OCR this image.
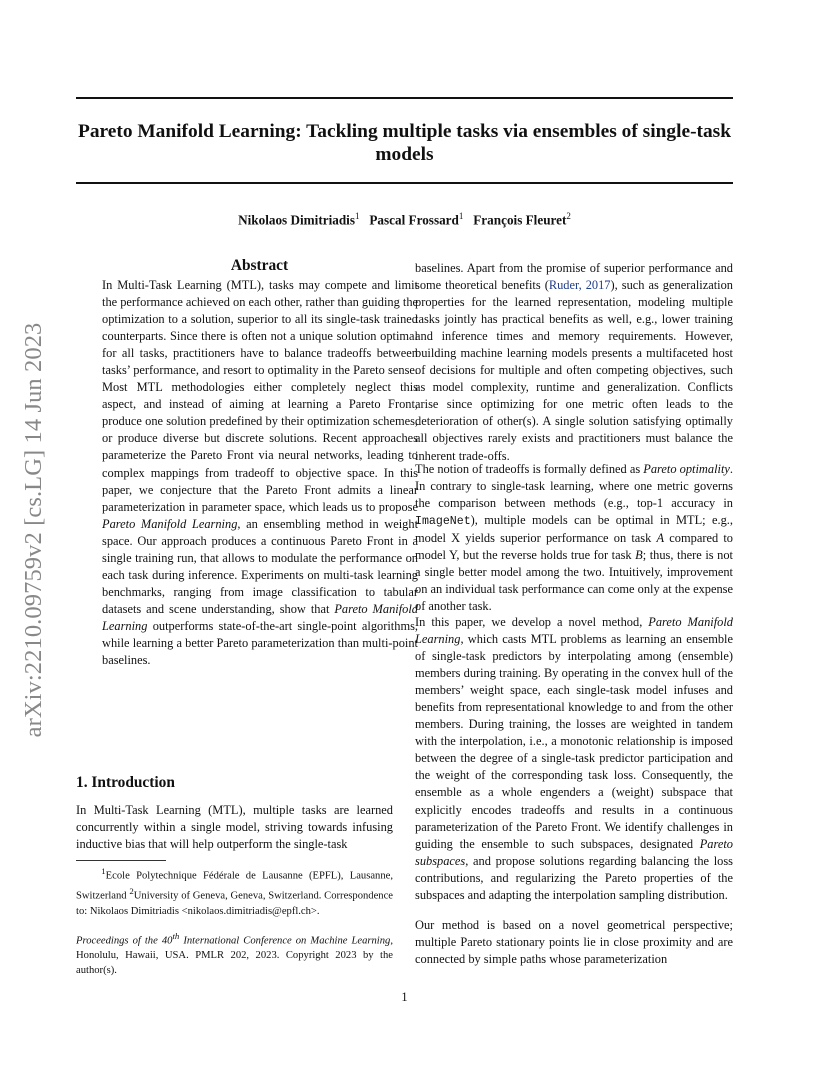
Pareto Manifold Learning: Tackling multiple tasks via ensembles of single-task models
Nikolaos Dimitriadis$^1$ Pascal Frossard$^1$ François Fleuret$^2$
arXiv:2210.09759v2 [cs.LG] 14 Jun 2023
Abstract
In Multi-Task Learning (MTL), tasks may compete and limit the performance achieved on each other, rather than guiding the optimization to a solution, superior to all its single-task trained counterparts. Since there is often not a unique solution optimal for all tasks, practitioners have to balance tradeoffs between tasks’ performance, and resort to optimality in the Pareto sense. Most MTL methodologies either completely neglect this aspect, and instead of aiming at learning a Pareto Front, produce one solution predefined by their optimization schemes, or produce diverse but discrete solutions. Recent approaches parameterize the Pareto Front via neural networks, leading to complex mappings from tradeoff to objective space. In this paper, we conjecture that the Pareto Front admits a linear parameterization in parameter space, which leads us to propose Pareto Manifold Learning, an ensembling method in weight space. Our approach produces a continuous Pareto Front in a single training run, that allows to modulate the performance on each task during inference. Experiments on multi-task learning benchmarks, ranging from image classification to tabular datasets and scene understanding, show that Pareto Manifold Learning outperforms state-of-the-art single-point algorithms, while learning a better Pareto parameterization than multi-point baselines.
1. Introduction
In Multi-Task Learning (MTL), multiple tasks are learned concurrently within a single model, striving towards infusing inductive bias that will help outperform the single-task
$^1$Ecole Polytechnique Fédérale de Lausanne (EPFL), Lausanne, Switzerland $^2$University of Geneva, Geneva, Switzerland. Correspondence to: Nikolaos Dimitriadis <nikolaos.dimitriadis@epfl.ch>.
Proceedings of the 40th International Conference on Machine Learning, Honolulu, Hawaii, USA. PMLR 202, 2023. Copyright 2023 by the author(s).
baselines. Apart from the promise of superior performance and some theoretical benefits (Ruder, 2017), such as generalization properties for the learned representation, modeling multiple tasks jointly has practical benefits as well, e.g., lower training and inference times and memory requirements. However, building machine learning models presents a multifaceted host of decisions for multiple and often competing objectives, such as model complexity, runtime and generalization. Conflicts arise since optimizing for one metric often leads to the deterioration of other(s). A single solution satisfying optimally all objectives rarely exists and practitioners must balance the inherent trade-offs.
The notion of tradeoffs is formally defined as Pareto optimality. In contrary to single-task learning, where one metric governs the comparison between methods (e.g., top-1 accuracy in ImageNet), multiple models can be optimal in MTL; e.g., model X yields superior performance on task A compared to model Y, but the reverse holds true for task B; thus, there is not a single better model among the two. Intuitively, improvement on an individual task performance can come only at the expense of another task.
In this paper, we develop a novel method, Pareto Manifold Learning, which casts MTL problems as learning an ensemble of single-task predictors by interpolating among (ensemble) members during training. By operating in the convex hull of the members’ weight space, each single-task model infuses and benefits from representational knowledge to and from the other members. During training, the losses are weighted in tandem with the interpolation, i.e., a monotonic relationship is imposed between the degree of a single-task predictor participation and the weight of the corresponding task loss. Consequently, the ensemble as a whole engenders a (weight) subspace that explicitly encodes tradeoffs and results in a continuous parameterization of the Pareto Front. We identify challenges in guiding the ensemble to such subspaces, designated Pareto subspaces, and propose solutions regarding balancing the loss contributions, and regularizing the Pareto properties of the subspaces and adapting the interpolation sampling distribution.
Our method is based on a novel geometrical perspective; multiple Pareto stationary points lie in close proximity and are connected by simple paths whose parameterization
1
